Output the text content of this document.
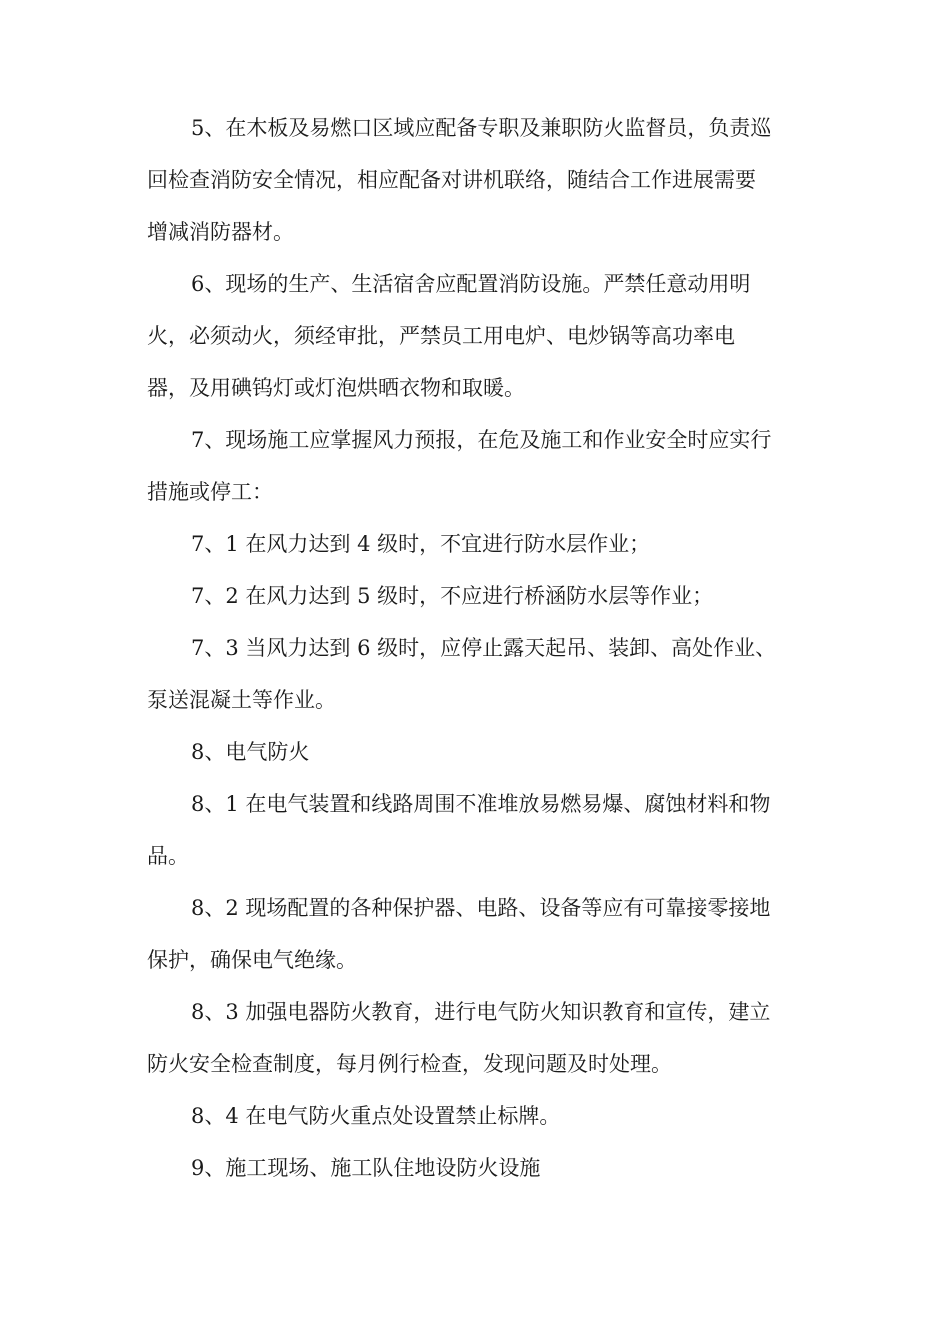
5、在木板及易燃口区域应配备专职及兼职防火监督员，负责巡
回检查消防安全情况，相应配备对讲机联络，随结合工作进展需要
增减消防器材。
6、现场的生产、生活宿舍应配置消防设施。严禁任意动用明
火，必须动火，须经审批，严禁员工用电炉、电炒锅等高功率电
器，及用碘钨灯或灯泡烘晒衣物和取暖。
7、现场施工应掌握风力预报，在危及施工和作业安全时应实行
措施或停工：
7、1 在风力达到 4 级时，不宜进行防水层作业；
7、2 在风力达到 5 级时，不应进行桥涵防水层等作业；
7、3 当风力达到 6 级时，应停止露天起吊、装卸、高处作业、
泵送混凝土等作业。
8、电气防火
8、1 在电气装置和线路周围不准堆放易燃易爆、腐蚀材料和物
品。
8、2 现场配置的各种保护器、电路、设备等应有可靠接零接地
保护，确保电气绝缘。
8、3 加强电器防火教育，进行电气防火知识教育和宣传，建立
防火安全检查制度，每月例行检查，发现问题及时处理。
8、4 在电气防火重点处设置禁止标牌。
9、施工现场、施工队住地设防火设施
